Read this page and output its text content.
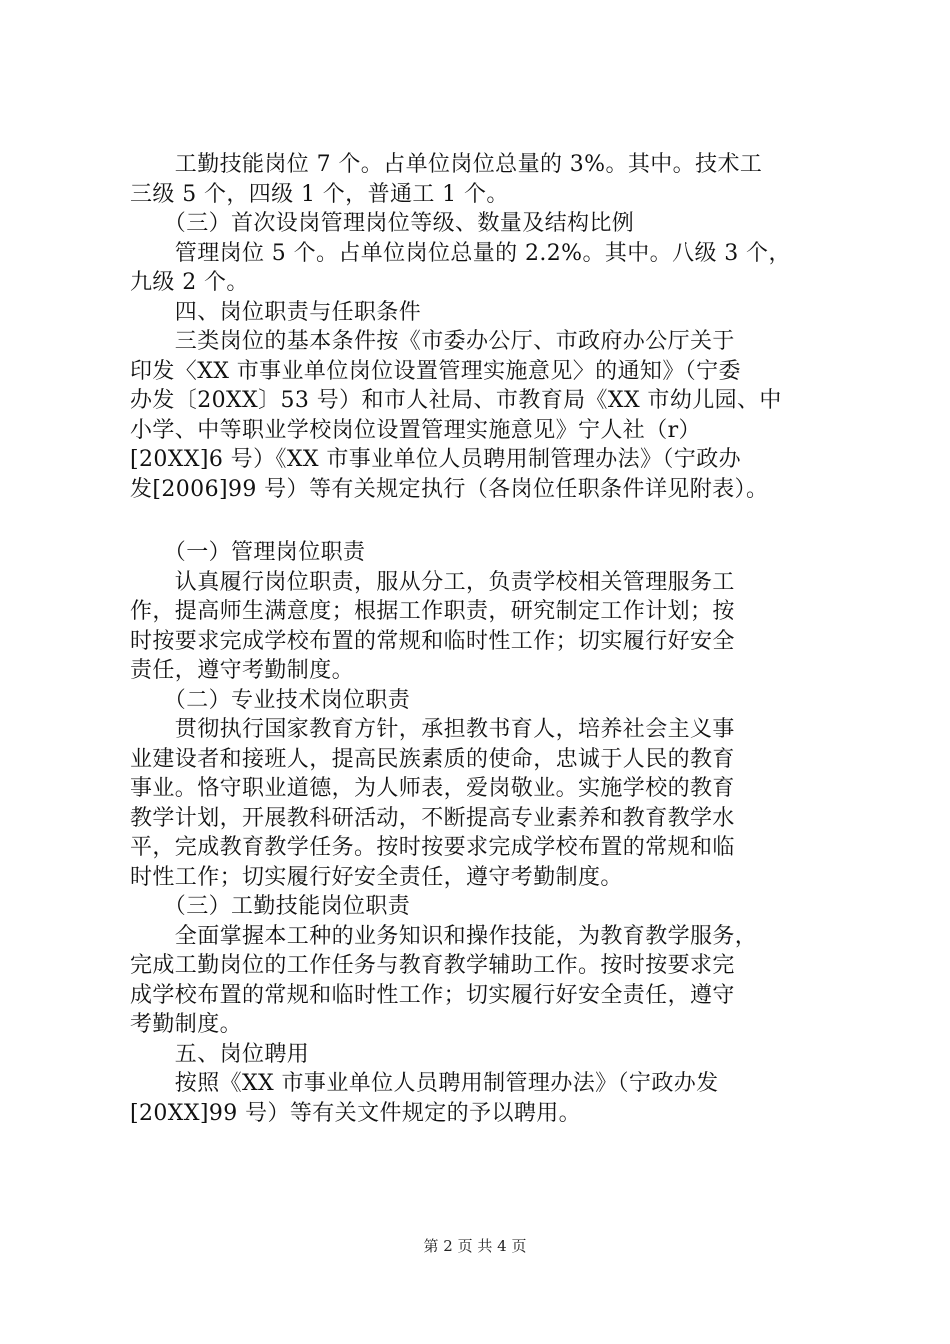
　　工勤技能岗位 7 个。占单位岗位总量的 3%。其中。技术工
三级 5 个，四级 1 个，普通工 1 个。
　　（三）首次设岗管理岗位等级、数量及结构比例
　　管理岗位 5 个。占单位岗位总量的 2.2%。其中。八级 3 个，
九级 2 个。
　　四、岗位职责与任职条件
　　三类岗位的基本条件按《市委办公厅、市政府办公厅关于
印发〈XX 市事业单位岗位设置管理实施意见〉的通知》（宁委
办发〔20XX〕53 号）和市人社局、市教育局《XX 市幼儿园、中
小学、中等职业学校岗位设置管理实施意见》宁人社（r）
[20XX]6 号）《XX 市事业单位人员聘用制管理办法》（宁政办
发[2006]99 号）等有关规定执行（各岗位任职条件详见附表）。
　　（一）管理岗位职责
　　认真履行岗位职责，服从分工，负责学校相关管理服务工
作，提高师生满意度；根据工作职责，研究制定工作计划；按
时按要求完成学校布置的常规和临时性工作；切实履行好安全
责任，遵守考勤制度。
　　（二）专业技术岗位职责
　　贯彻执行国家教育方针，承担教书育人，培养社会主义事
业建设者和接班人，提高民族素质的使命，忠诚于人民的教育
事业。恪守职业道德，为人师表，爱岗敬业。实施学校的教育
教学计划，开展教科研活动，不断提高专业素养和教育教学水
平，完成教育教学任务。按时按要求完成学校布置的常规和临
时性工作；切实履行好安全责任，遵守考勤制度。
　　（三）工勤技能岗位职责
　　全面掌握本工种的业务知识和操作技能，为教育教学服务，
完成工勤岗位的工作任务与教育教学辅助工作。按时按要求完
成学校布置的常规和临时性工作；切实履行好安全责任，遵守
考勤制度。
　　五、岗位聘用
　　按照《XX 市事业单位人员聘用制管理办法》（宁政办发
[20XX]99 号）等有关文件规定的予以聘用。
第 2 页 共 4 页
